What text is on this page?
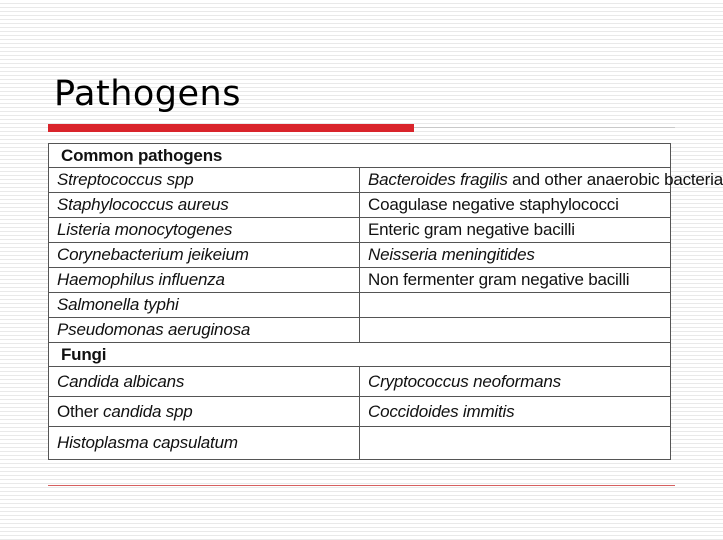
Pathogens
Common pathogens	
Streptococcus spp	Bacteroides fragilis and other anaerobic bacteria
Staphylococcus aureus	Coagulase negative staphylococci
Listeria monocytogenes	Enteric gram negative bacilli
Corynebacterium jeikeium	Neisseria meningitides
Haemophilus influenza	Non fermenter gram negative bacilli
Salmonella typhi	
Pseudomonas aeruginosa	
Fungi	
Candida albicans	Cryptococcus neoformans
Other candida spp	Coccidoides immitis
Histoplasma capsulatum	
